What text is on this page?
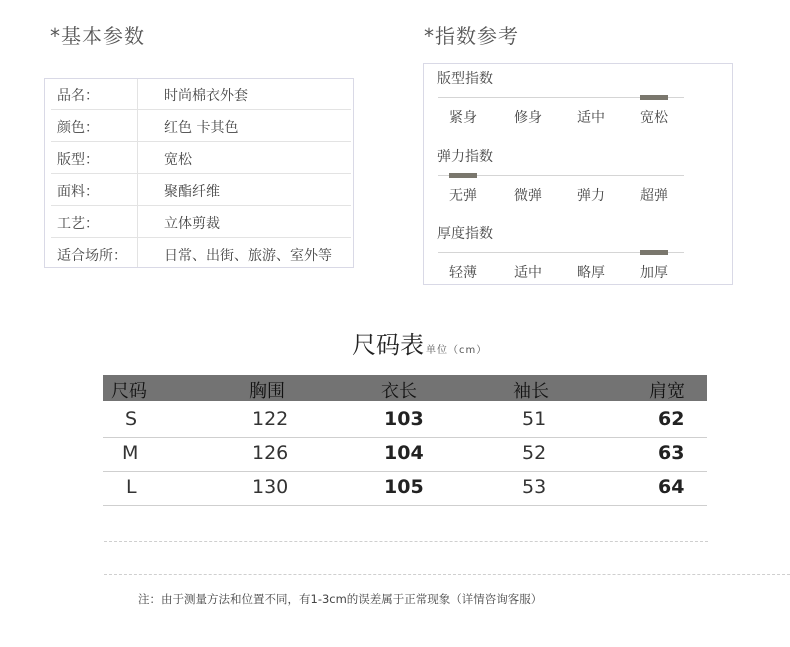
*基本参数	*指数参考
品名：	时尚棉衣外套
颜色：	红色 卡其色
版型：	宽松
面料：	聚酯纤维
工艺：	立体剪裁
适合场所：	日常、出街、旅游、室外等
版型指数
紧身	修身	适中	宽松
弹力指数
无弹	微弹	弹力	超弹
厚度指数
轻薄	适中	略厚	加厚
尺码表 单位（cm）
尺码	胸围	衣长	袖长	肩宽
S	122	103	51	62
M	126	104	52	63
L	130	105	53	64
注：由于测量方法和位置不同，有1-3cm的误差属于正常现象（详情咨询客服）
